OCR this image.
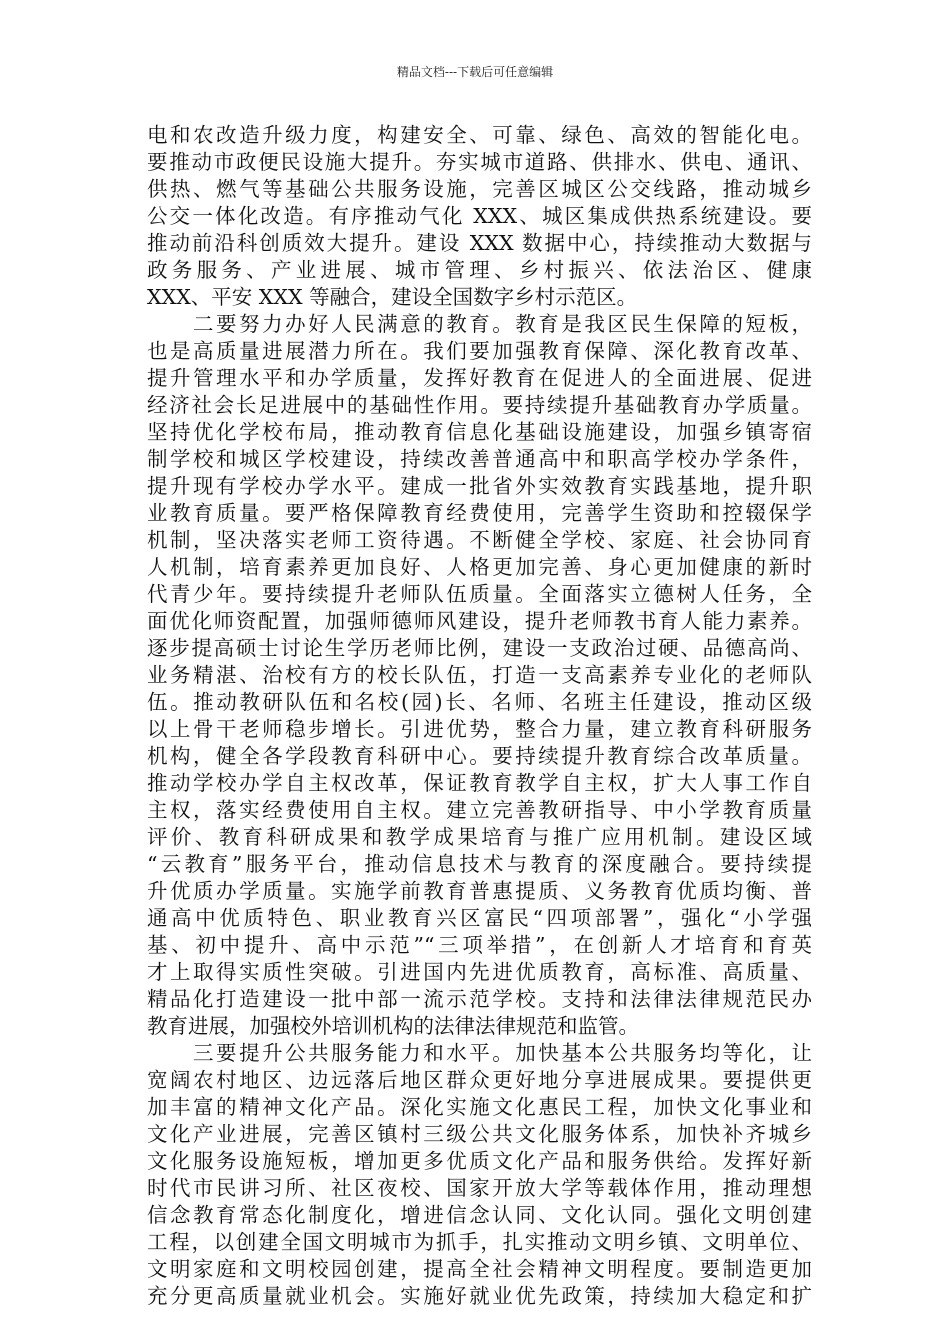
精品文档---下载后可任意编辑
电和农改造升级力度，构建安全、可靠、绿色、高效的智能化电。
要推动市政便民设施大提升。夯实城市道路、供排水、供电、通讯、
供热、燃气等基础公共服务设施，完善区城区公交线路，推动城乡
公交一体化改造。有序推动气化 XXX、城区集成供热系统建设。要
推动前沿科创质效大提升。建设 XXX 数据中心，持续推动大数据与
政务服务、产业进展、城市管理、乡村振兴、依法治区、健康
XXX、平安 XXX 等融合，建设全国数字乡村示范区。
　　二要努力办好人民满意的教育。教育是我区民生保障的短板，
也是高质量进展潜力所在。我们要加强教育保障、深化教育改革、
提升管理水平和办学质量，发挥好教育在促进人的全面进展、促进
经济社会长足进展中的基础性作用。要持续提升基础教育办学质量。
坚持优化学校布局，推动教育信息化基础设施建设，加强乡镇寄宿
制学校和城区学校建设，持续改善普通高中和职高学校办学条件，
提升现有学校办学水平。建成一批省外实效教育实践基地，提升职
业教育质量。要严格保障教育经费使用，完善学生资助和控辍保学
机制，坚决落实老师工资待遇。不断健全学校、家庭、社会协同育
人机制，培育素养更加良好、人格更加完善、身心更加健康的新时
代青少年。要持续提升老师队伍质量。全面落实立德树人任务，全
面优化师资配置，加强师德师风建设，提升老师教书育人能力素养。
逐步提高硕士讨论生学历老师比例，建设一支政治过硬、品德高尚、
业务精湛、治校有方的校长队伍，打造一支高素养专业化的老师队
伍。推动教研队伍和名校(园)长、名师、名班主任建设，推动区级
以上骨干老师稳步增长。引进优势，整合力量，建立教育科研服务
机构，健全各学段教育科研中心。要持续提升教育综合改革质量。
推动学校办学自主权改革，保证教育教学自主权，扩大人事工作自
主权，落实经费使用自主权。建立完善教研指导、中小学教育质量
评价、教育科研成果和教学成果培育与推广应用机制。建设区域
“云教育”服务平台，推动信息技术与教育的深度融合。要持续提
升优质办学质量。实施学前教育普惠提质、义务教育优质均衡、普
通高中优质特色、职业教育兴区富民“四项部署”，强化“小学强
基、初中提升、高中示范”“三项举措”，在创新人才培育和育英
才上取得实质性突破。引进国内先进优质教育，高标准、高质量、
精品化打造建设一批中部一流示范学校。支持和法律法律规范民办
教育进展，加强校外培训机构的法律法律规范和监管。
　　三要提升公共服务能力和水平。加快基本公共服务均等化，让
宽阔农村地区、边远落后地区群众更好地分享进展成果。要提供更
加丰富的精神文化产品。深化实施文化惠民工程，加快文化事业和
文化产业进展，完善区镇村三级公共文化服务体系，加快补齐城乡
文化服务设施短板，增加更多优质文化产品和服务供给。发挥好新
时代市民讲习所、社区夜校、国家开放大学等载体作用，推动理想
信念教育常态化制度化，增进信念认同、文化认同。强化文明创建
工程，以创建全国文明城市为抓手，扎实推动文明乡镇、文明单位、
文明家庭和文明校园创建，提高全社会精神文明程度。要制造更加
充分更高质量就业机会。实施好就业优先政策，持续加大稳定和扩
